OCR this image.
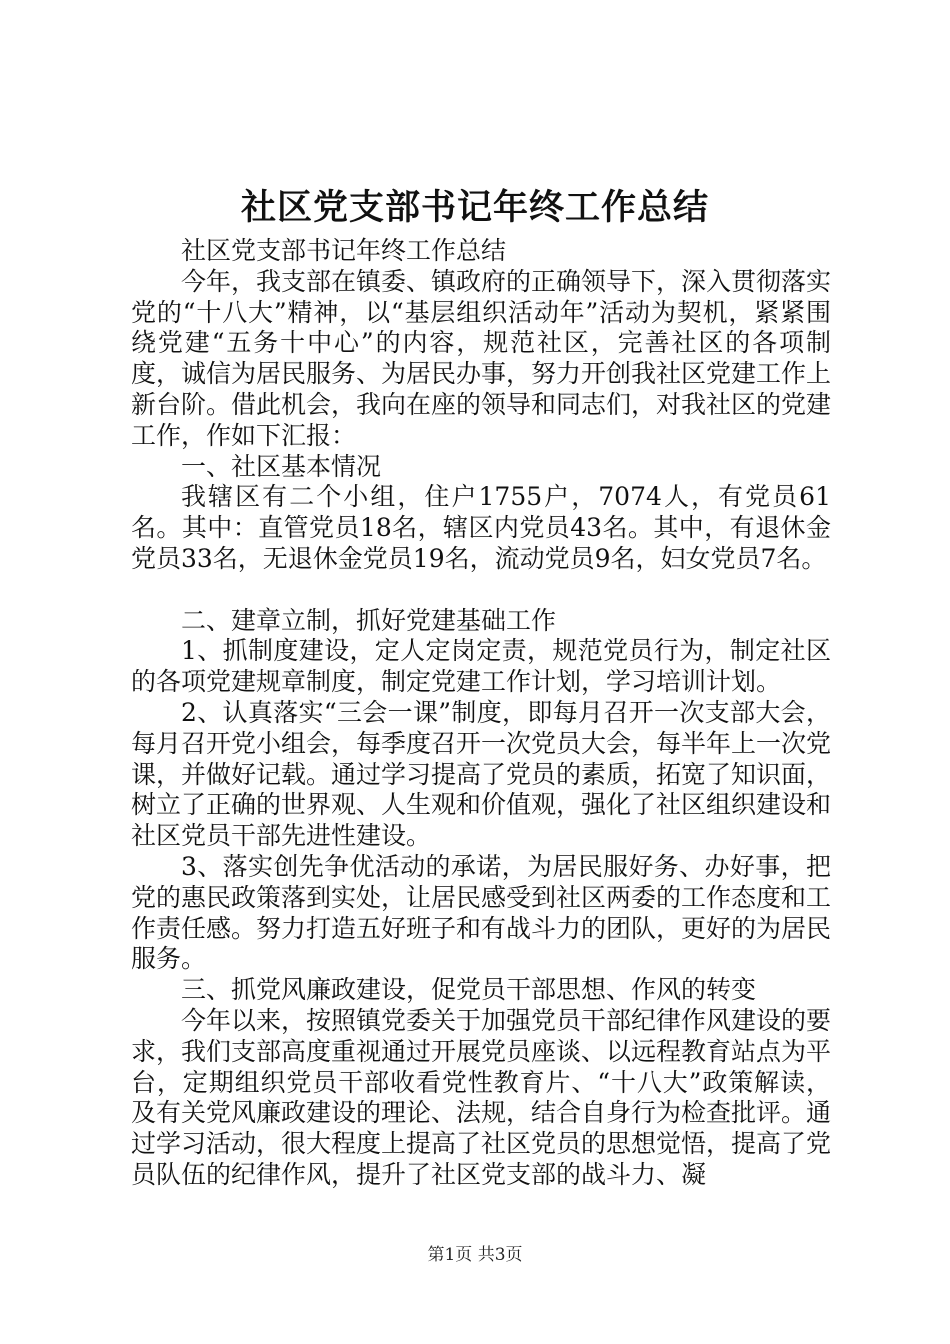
社区党支部书记年终工作总结

社区党支部书记年终工作总结

今年，我支部在镇委、镇政府的正确领导下，深入贯彻落实党的“十八大”精神，以“基层组织活动年”活动为契机，紧紧围绕党建“五务十中心”的内容，规范社区，完善社区的各项制度，诚信为居民服务、为居民办事，努力开创我社区党建工作上新台阶。借此机会，我向在座的领导和同志们，对我社区的党建工作，作如下汇报：

一、社区基本情况

我辖区有二个小组，住户1755户，7074人，有党员61名。其中：直管党员18名，辖区内党员43名。其中，有退休金党员33名，无退休金党员19名，流动党员9名，妇女党员7名。

二、建章立制，抓好党建基础工作

1、抓制度建设，定人定岗定责，规范党员行为，制定社区的各项党建规章制度，制定党建工作计划，学习培训计划。

2、认真落实“三会一课”制度，即每月召开一次支部大会，每月召开党小组会，每季度召开一次党员大会，每半年上一次党课，并做好记载。通过学习提高了党员的素质，拓宽了知识面，树立了正确的世界观、人生观和价值观，强化了社区组织建设和社区党员干部先进性建设。

3、落实创先争优活动的承诺，为居民服好务、办好事，把党的惠民政策落到实处，让居民感受到社区两委的工作态度和工作责任感。努力打造五好班子和有战斗力的团队，更好的为居民服务。

三、抓党风廉政建设，促党员干部思想、作风的转变

今年以来，按照镇党委关于加强党员干部纪律作风建设的要求，我们支部高度重视通过开展党员座谈、以远程教育站点为平台，定期组织党员干部收看党性教育片、“十八大”政策解读，及有关党风廉政建设的理论、法规，结合自身行为检查批评。通过学习活动，很大程度上提高了社区党员的思想觉悟，提高了党员队伍的纪律作风，提升了社区党支部的战斗力、凝

第1页 共3页
